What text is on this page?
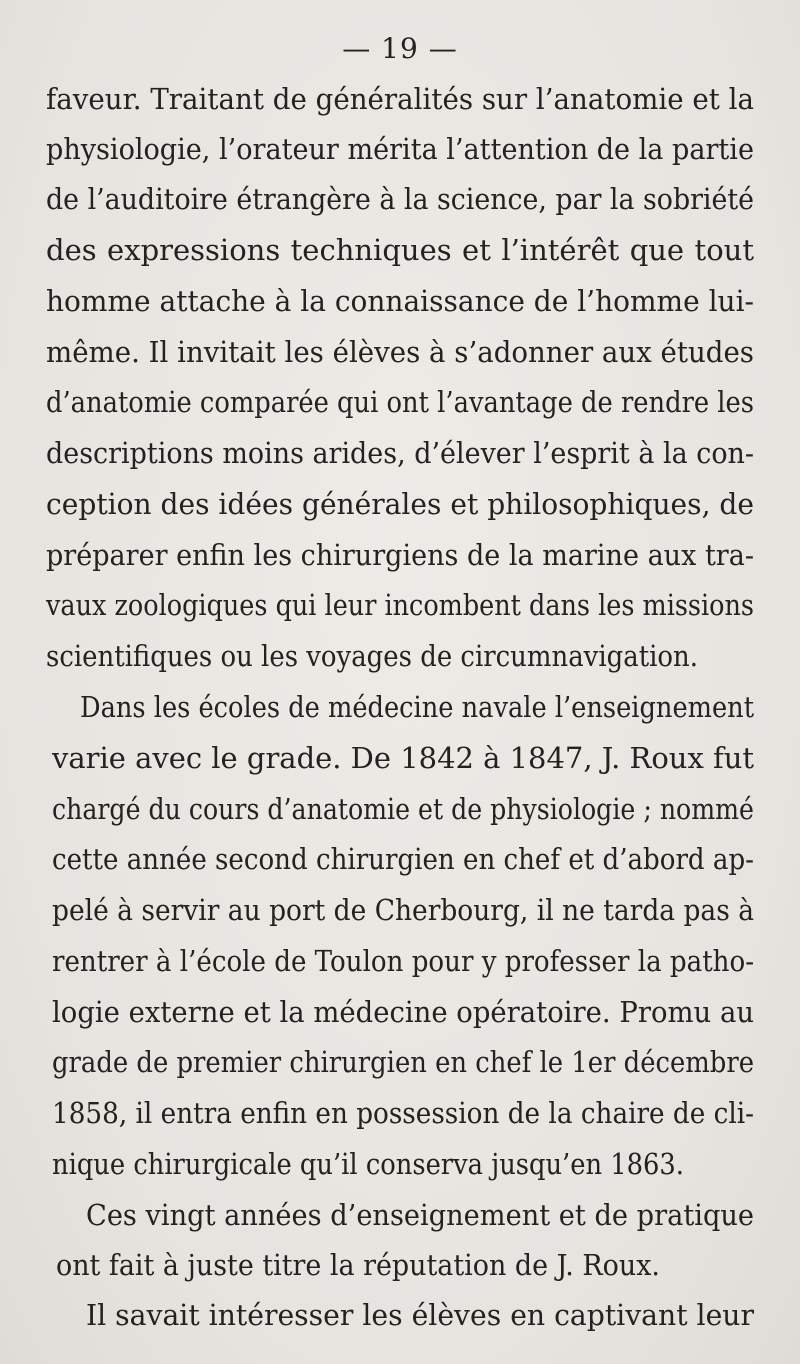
— 19 —
faveur. Traitant de généralités sur l’anatomie et la
physiologie, l’orateur mérita l’attention de la partie
de l’auditoire étrangère à la science, par la sobriété
des expressions techniques et l’intérêt que tout
homme attache à la connaissance de l’homme lui-
même. Il invitait les élèves à s’adonner aux études
d’anatomie comparée qui ont l’avantage de rendre les
descriptions moins arides, d’élever l’esprit à la con-
ception des idées générales et philosophiques, de
préparer enfin les chirurgiens de la marine aux tra-
vaux zoologiques qui leur incombent dans les missions
scientifiques ou les voyages de circumnavigation.
Dans les écoles de médecine navale l’enseignement
varie avec le grade. De 1842 à 1847, J. Roux fut
chargé du cours d’anatomie et de physiologie ; nommé
cette année second chirurgien en chef et d’abord ap-
pelé à servir au port de Cherbourg, il ne tarda pas à
rentrer à l’école de Toulon pour y professer la patho-
logie externe et la médecine opératoire. Promu au
grade de premier chirurgien en chef le 1er décembre
1858, il entra enfin en possession de la chaire de cli-
nique chirurgicale qu’il conserva jusqu’en 1863.
Ces vingt années d’enseignement et de pratique
ont fait à juste titre la réputation de J. Roux.
Il savait intéresser les élèves en captivant leur
